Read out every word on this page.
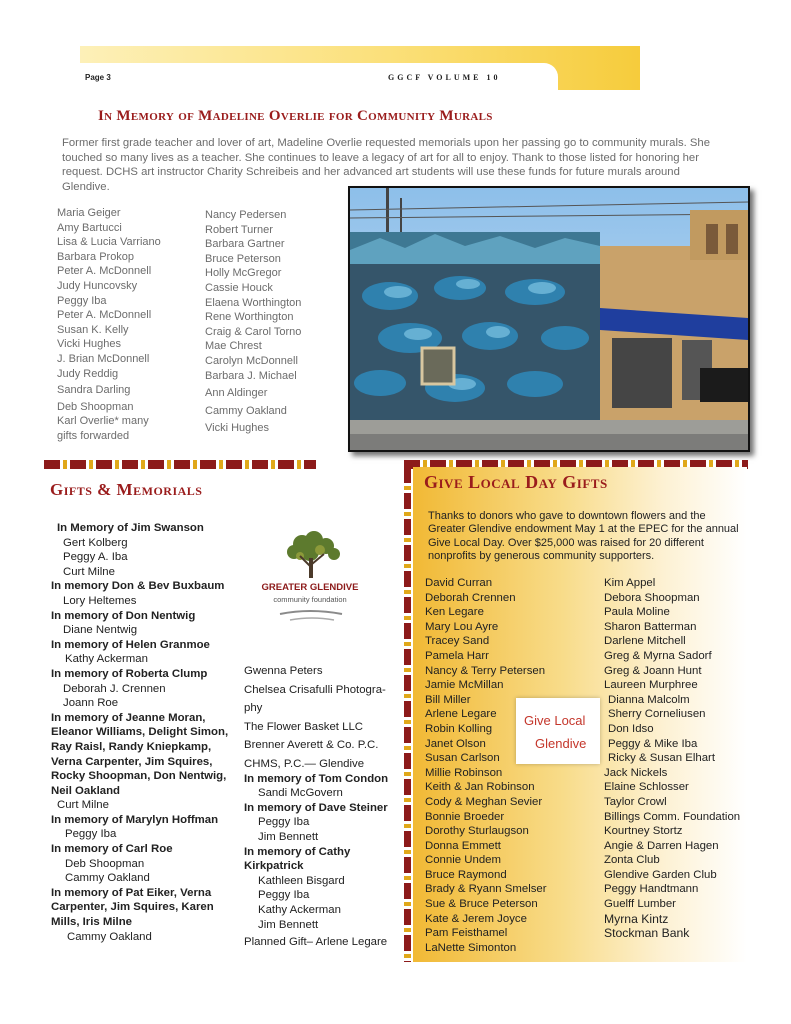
Page 3	GGCF VOLUME 10
In Memory of Madeline Overlie for Community Murals
Former first grade teacher and lover of art, Madeline Overlie requested memorials upon her passing go to community murals. She touched so many lives as a teacher. She continues to leave a legacy of art for all to enjoy. Thank to those listed for honoring her request. DCHS art instructor Charity Schreibeis and her advanced art students will use these funds for future murals around Glendive.
Maria Geiger
Amy Bartucci
Lisa & Lucia Varriano
Barbara Prokop
Peter A. McDonnell
Judy Huncovsky
Peggy Iba
Peter A. McDonnell
Susan K. Kelly
Vicki Hughes
J. Brian McDonnell
Judy Reddig
Sandra Darling
Deb Shoopman
Karl Overlie* many
gifts forwarded
Nancy Pedersen
Robert Turner
Barbara Gartner
Bruce Peterson
Holly McGregor
Cassie Houck
Elaena Worthington
Rene Worthington
Craig & Carol Torno
Mae Chrest
Carolyn McDonnell
Barbara J. Michael
Ann Aldinger
Cammy Oakland
Vicki Hughes
Gifts & Memorials
In Memory of Jim Swanson
Gert Kolberg
Peggy A. Iba
Curt Milne
In memory Don & Bev Buxbaum
Lory Heltemes
In memory of Don Nentwig
Diane Nentwig
In memory of Helen Granmoe
Kathy Ackerman
In memory of Roberta Clump
Deborah J. Crennen
Joann Roe
In memory of Jeanne Moran,
Eleanor Williams, Delight Simon,
Ray Raisl, Randy Kniepkamp,
Verna Carpenter, Jim Squires,
Rocky Shoopman, Don Nentwig,
Neil Oakland
Curt Milne
In memory of Marylyn Hoffman
Peggy Iba
In memory of Carl Roe
Deb Shoopman
Cammy Oakland
In memory of Pat Eiker, Verna
Carpenter, Jim Squires, Karen
Mills, Iris Milne
Cammy Oakland
GREATER GLENDIVE
community foundation
Gwenna Peters
Chelsea Crisafulli Photogra-
phy
The Flower Basket LLC
Brenner Averett & Co. P.C.
CHMS, P.C.— Glendive
In memory of Tom Condon
Sandi McGovern
In memory of Dave Steiner
Peggy Iba
Jim Bennett
In memory of Cathy
Kirkpatrick
Kathleen Bisgard
Peggy Iba
Kathy Ackerman
Jim Bennett
Planned Gift– Arlene Legare
Give Local Day Gifts
Thanks to donors who gave to downtown flowers and the Greater Glendive endowment May 1 at the EPEC for the annual Give Local Day. Over $25,000 was raised for 20 different nonprofits by generous community supporters.
David Curran
Deborah Crennen
Ken Legare
Mary Lou Ayre
Tracey Sand
Pamela Harr
Nancy & Terry Petersen
Jamie McMillan
Bill Miller
Arlene Legare
Robin Kolling
Janet Olson
Susan Carlson
Millie Robinson
Keith & Jan Robinson
Cody & Meghan Sevier
Bonnie Broeder
Dorothy Sturlaugson
Donna Emmett
Connie Undem
Bruce Raymond
Brady & Ryann Smelser
Sue & Bruce Peterson
Kate & Jerem Joyce
Pam Feisthamel
LaNette Simonton
Give Local
Glendive
Kim Appel
Debora Shoopman
Paula Moline
Sharon Batterman
Darlene Mitchell
Greg & Myrna Sadorf
Greg & Joann Hunt
Laureen Murphree
Dianna Malcolm
Sherry Corneliusen
Don Idso
Peggy & Mike Iba
Ricky & Susan Elhart
Jack Nickels
Elaine Schlosser
Taylor Crowl
Billings Comm. Foundation
Kourtney Stortz
Angie & Darren Hagen
Zonta Club
Glendive Garden Club
Peggy Handtmann
Guelff Lumber
Myrna Kintz
Stockman Bank
